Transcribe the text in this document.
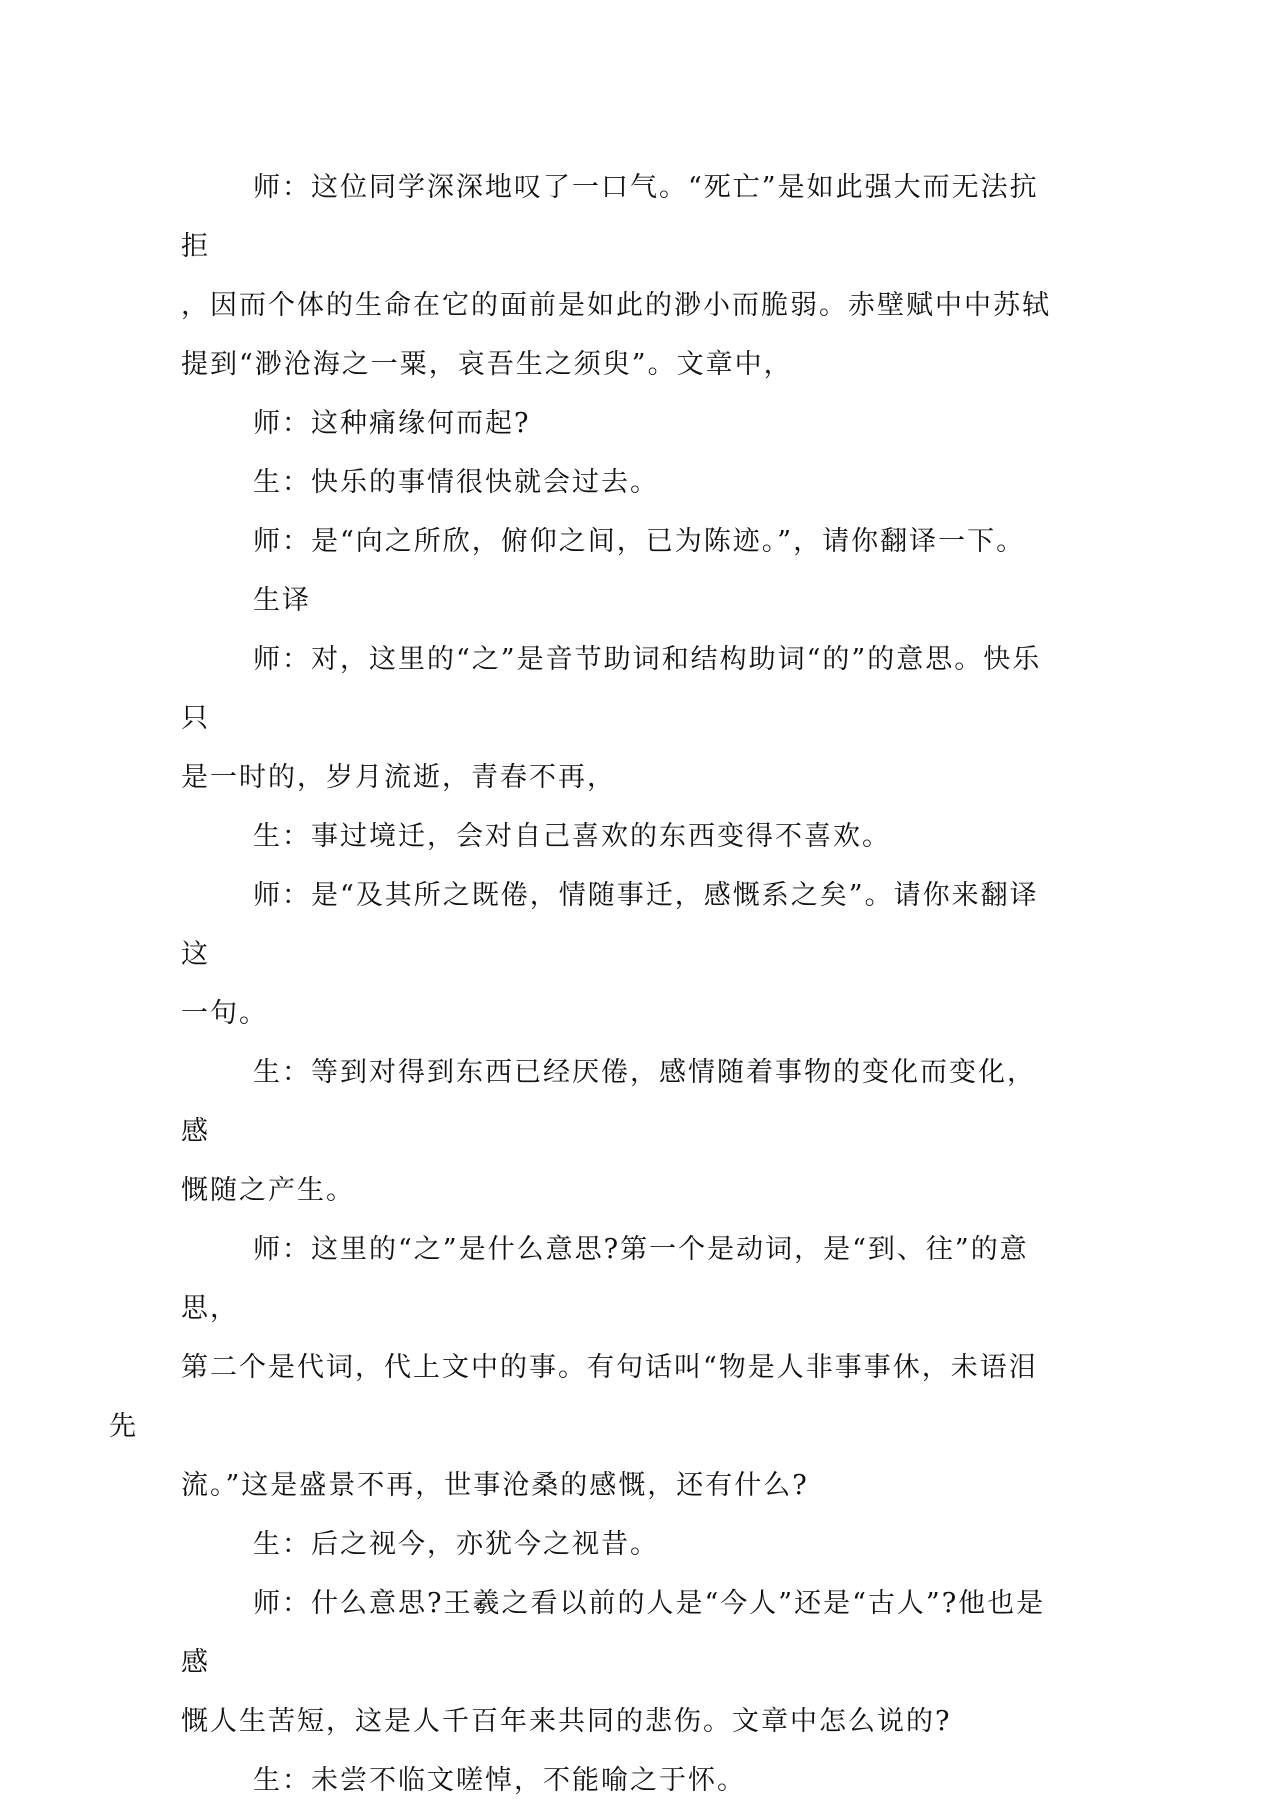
师：这位同学深深地叹了一口气。“死亡”是如此强大而无法抗拒
，因而个体的生命在它的面前是如此的渺小而脆弱。赤壁赋中中苏轼
提到“渺沧海之一粟，哀吾生之须臾”。文章中，

师：这种痛缘何而起?

生：快乐的事情很快就会过去。

师：是“向之所欣，俯仰之间，已为陈迹。”，请你翻译一下。

生译

师：对，这里的“之”是音节助词和结构助词“的”的意思。快乐只
是一时的，岁月流逝，青春不再，

生：事过境迁，会对自己喜欢的东西变得不喜欢。

师：是“及其所之既倦，情随事迁，感慨系之矣”。请你来翻译这
一句。

生：等到对得到东西已经厌倦，感情随着事物的变化而变化，感
慨随之产生。

师：这里的“之”是什么意思?第一个是动词，是“到、往”的意思，
第二个是代词，代上文中的事。有句话叫“物是人非事事休，未语泪先
流。”这是盛景不再，世事沧桑的感慨，还有什么?

生：后之视今，亦犹今之视昔。

师：什么意思?王羲之看以前的人是“今人”还是“古人”?他也是感
慨人生苦短，这是人千百年来共同的悲伤。文章中怎么说的?

生：未尝不临文嗟悼，不能喻之于怀。
